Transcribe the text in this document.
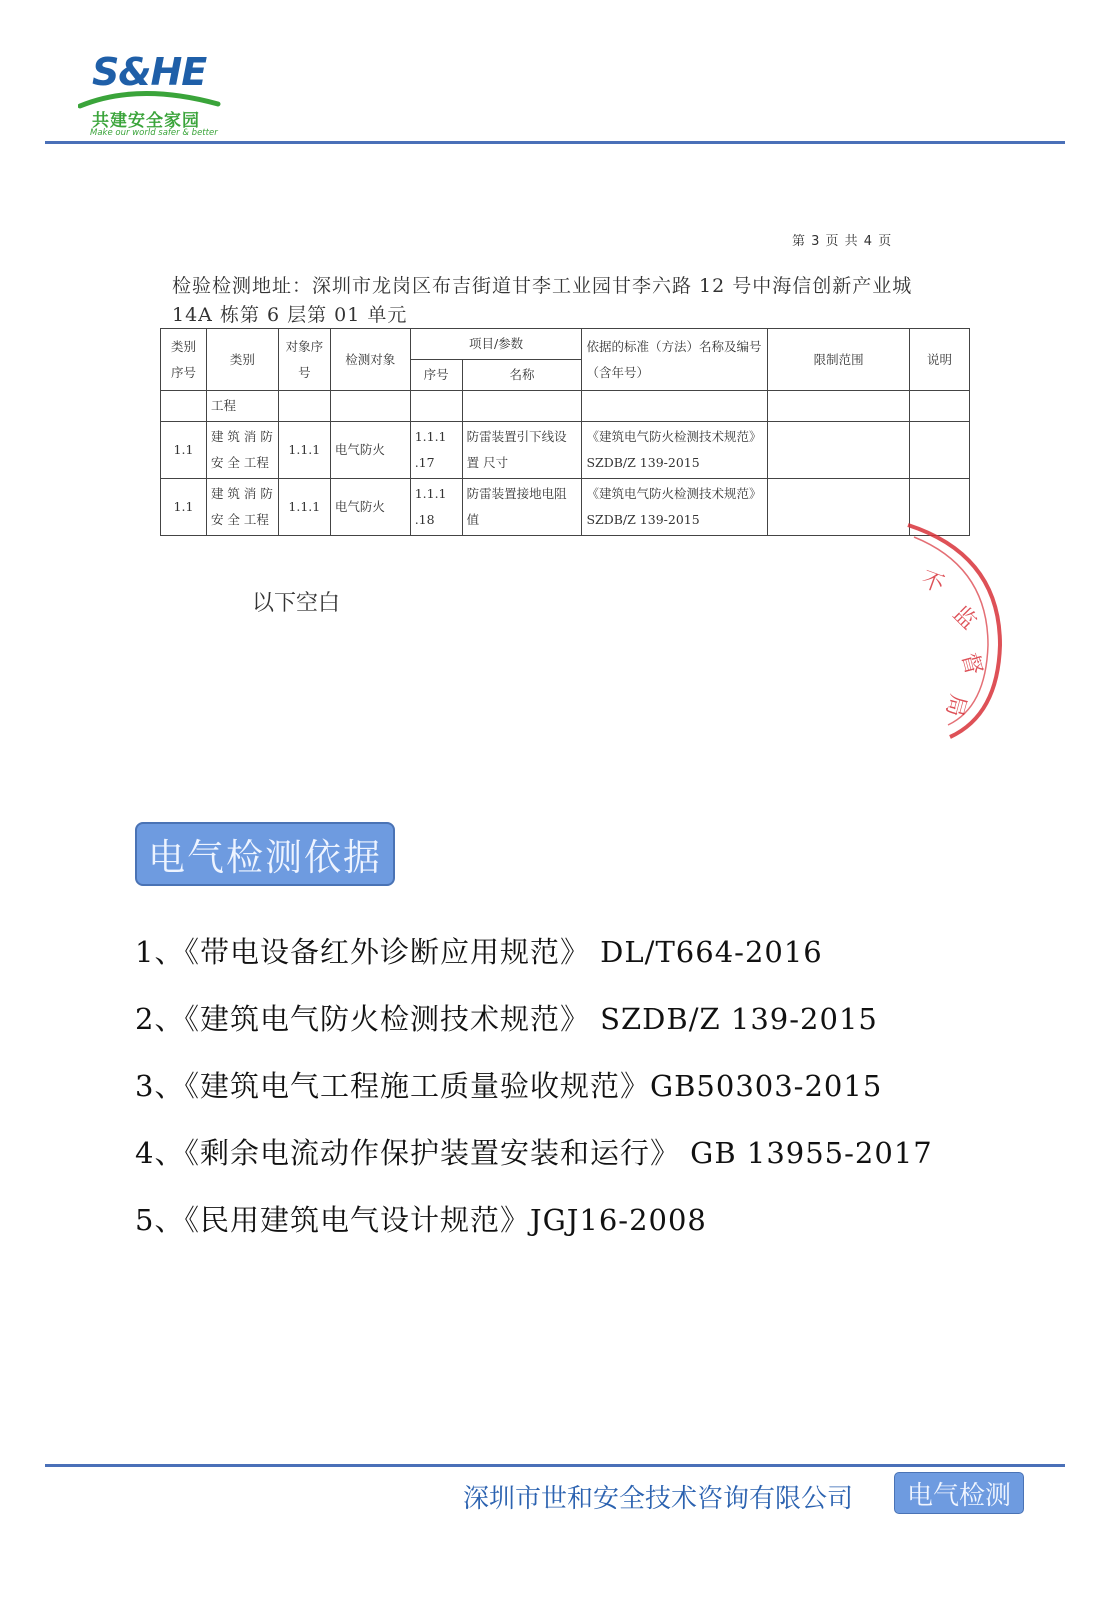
S&HE
共建安全家园
Make our world safer & better
第 3 页 共 4 页
检验检测地址：深圳市龙岗区布吉街道甘李工业园甘李六路 12 号中海信创新产业城 14A 栋第 6 层第 01 单元
类别序号	类别	对象序号	检测对象	项目/参数		依据的标准（方法）名称及编号（含年号）	限制范围	说明
				序号	名称			
	工程							
1.1	建 筑 消 防 安 全 工程	1.1.1	电气防火	1.1.1 .17	防雷装置引下线设置 尺寸	《建筑电气防火检测技术规范》 SZDB/Z 139-2015		
1.1	建 筑 消 防 安 全 工程	1.1.1	电气防火	1.1.1 .18	防雷装置接地电阻值	《建筑电气防火检测技术规范》 SZDB/Z 139-2015		
以下空白
不
监
督
局
电气检测依据
1、《带电设备红外诊断应用规范》 DL/T664-2016
2、《建筑电气防火检测技术规范》 SZDB/Z 139-2015
3、《建筑电气工程施工质量验收规范》GB50303-2015
4、《剩余电流动作保护装置安装和运行》 GB 13955-2017
5、《民用建筑电气设计规范》JGJ16-2008
深圳市世和安全技术咨询有限公司	电气检测
